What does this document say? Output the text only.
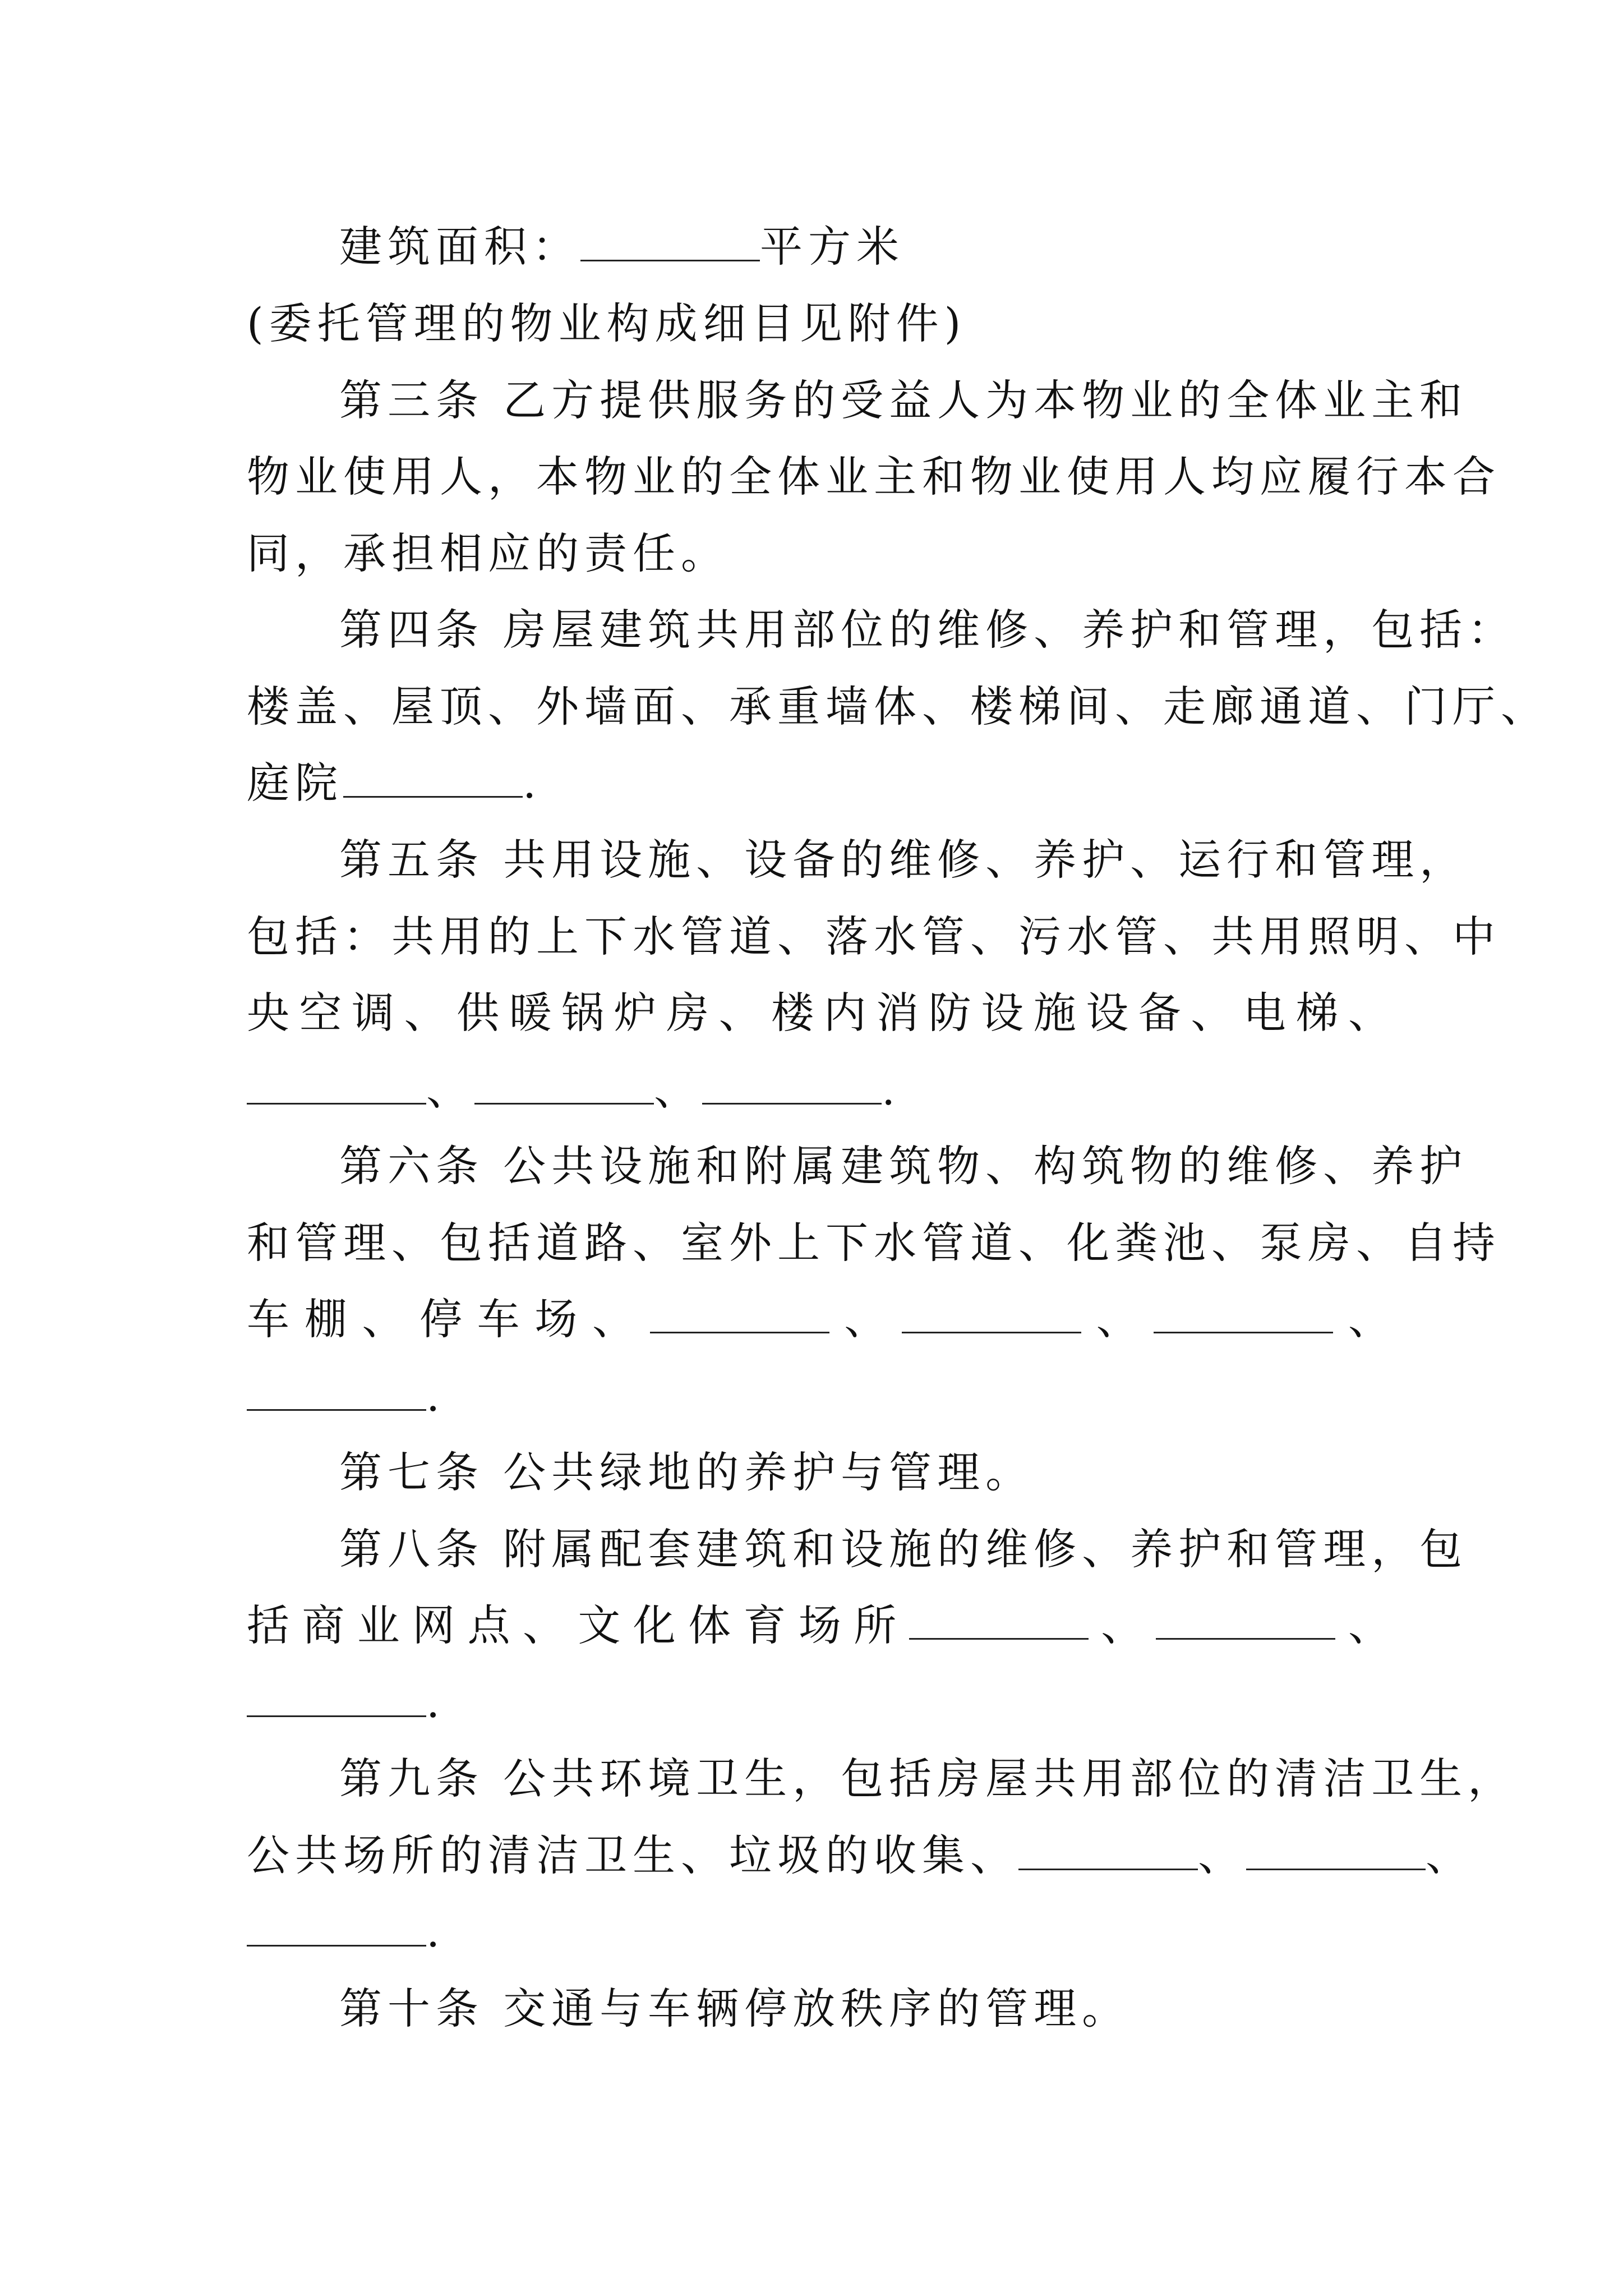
建筑面积：	平方米
(委托管理的物业构成细目见附件)
第三条 乙方提供服务的受益人为本物业的全体业主和
物业使用人，本物业的全体业主和物业使用人均应履行本合
同，承担相应的责任。
第四条 房屋建筑共用部位的维修、养护和管理，包括：
楼盖、屋顶、外墙面、承重墙体、楼梯间、走廊通道、门厅、
庭院	.
第五条 共用设施、设备的维修、养护、运行和管理，
包括：共用的上下水管道、落水管、污水管、共用照明、中
央 空 调 、 供 暖 锅 炉 房 、 楼 内 消 防 设 施 设 备 、 电 梯 、
、	、	.
第六条 公共设施和附属建筑物、构筑物的维修、养护
和管理、包括道路、室外上下水管道、化粪池、泵房、自持
车 棚 、 停 车 场 、	、	、	、
.
第七条 公共绿地的养护与管理。
第八条 附属配套建筑和设施的维修、养护和管理，包
括 商 业 网 点 、 文 化 体 育 场 所	、	、
.
第九条 公共环境卫生，包括房屋共用部位的清洁卫生，
公共场所的清洁卫生、垃圾的收集、	、	、
.
第十条 交通与车辆停放秩序的管理。
